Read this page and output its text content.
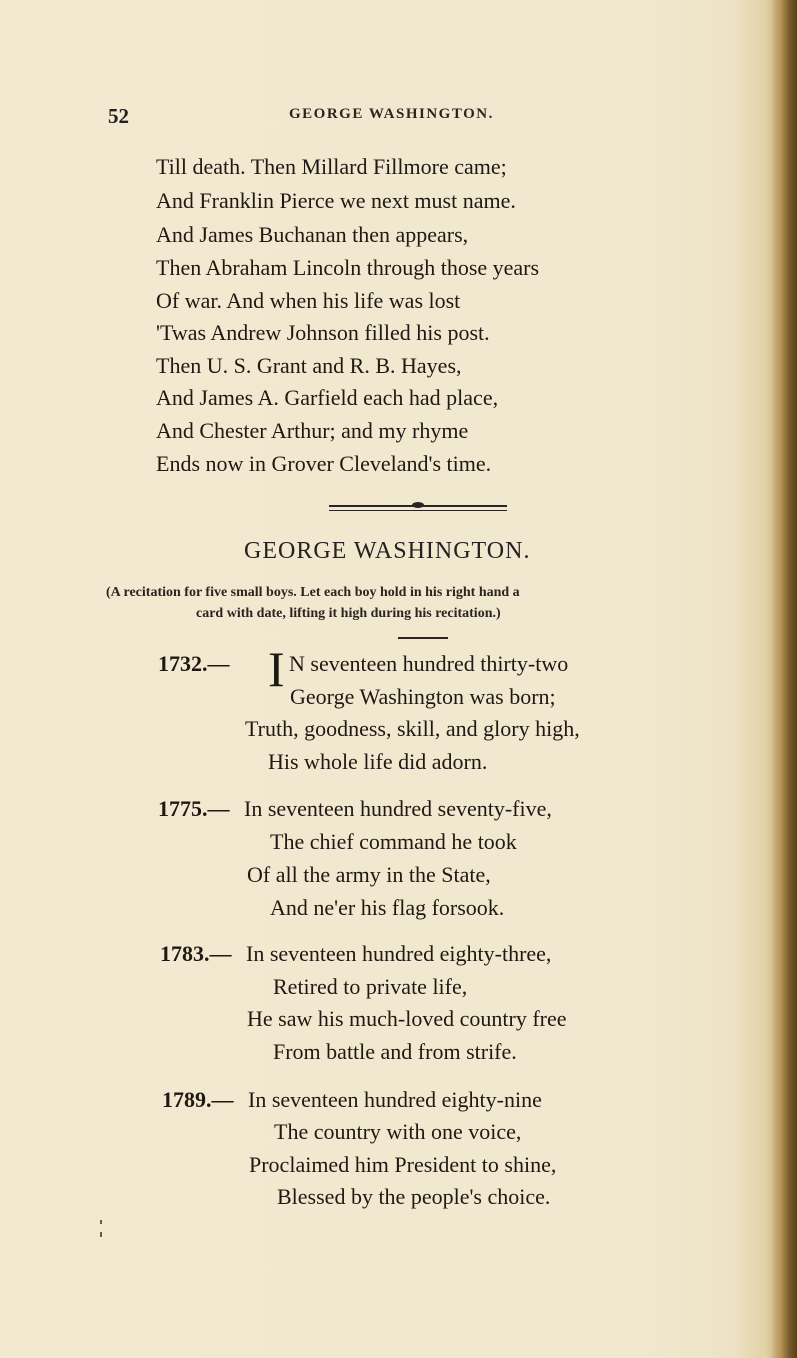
52	GEORGE WASHINGTON.
Till death. Then Millard Fillmore came;
And Franklin Pierce we next must name.
And James Buchanan then appears,
Then Abraham Lincoln through those years
Of war. And when his life was lost
'Twas Andrew Johnson filled his post.
Then U. S. Grant and R. B. Hayes,
And James A. Garfield each had place,
And Chester Arthur; and my rhyme
Ends now in Grover Cleveland's time.
GEORGE WASHINGTON.
(A recitation for five small boys. Let each boy hold in his right hand a
card with date, lifting it high during his recitation.)
1732.— I N seventeen hundred thirty-two
George Washington was born;
Truth, goodness, skill, and glory high,
His whole life did adorn.
1775.— In seventeen hundred seventy-five,
The chief command he took
Of all the army in the State,
And ne'er his flag forsook.
1783.— In seventeen hundred eighty-three,
Retired to private life,
He saw his much-loved country free
From battle and from strife.
1789.— In seventeen hundred eighty-nine
The country with one voice,
Proclaimed him President to shine,
Blessed by the people's choice.
